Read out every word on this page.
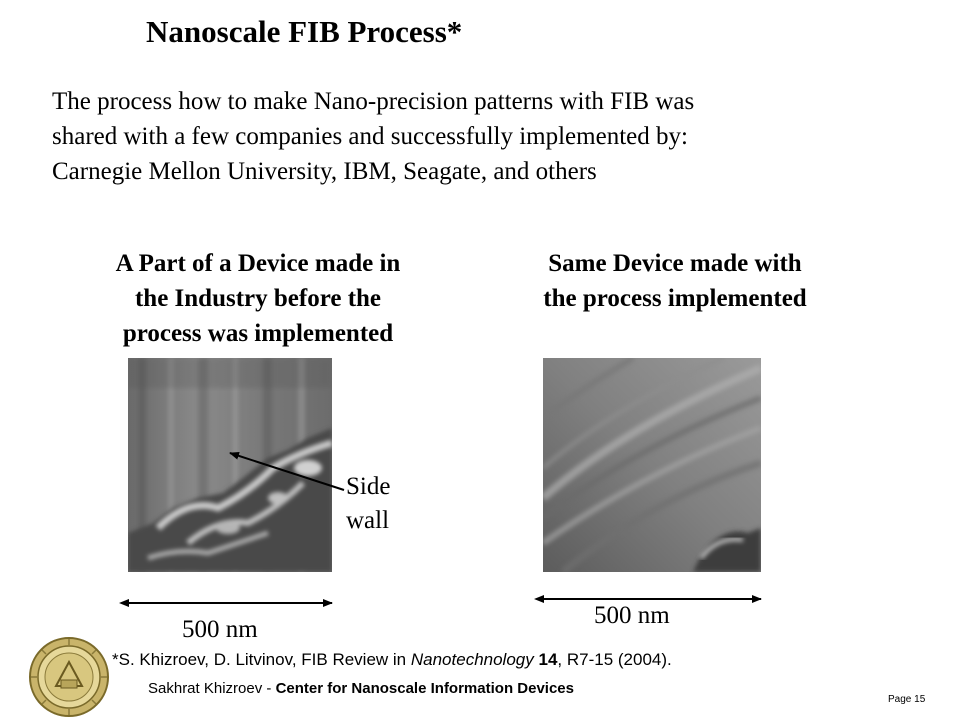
Nanoscale FIB Process*
The process how to make Nano-precision patterns with FIB was
shared with a few companies and successfully implemented by:
Carnegie Mellon University, IBM, Seagate, and others
A Part of a Device made in
the Industry before the
process was implemented
Same Device made with
the process implemented
Side
wall
500 nm
500 nm
*S. Khizroev, D. Litvinov, FIB Review in Nanotechnology 14, R7-15 (2004).
Sakhrat Khizroev - Center for Nanoscale Information Devices
Page 15
